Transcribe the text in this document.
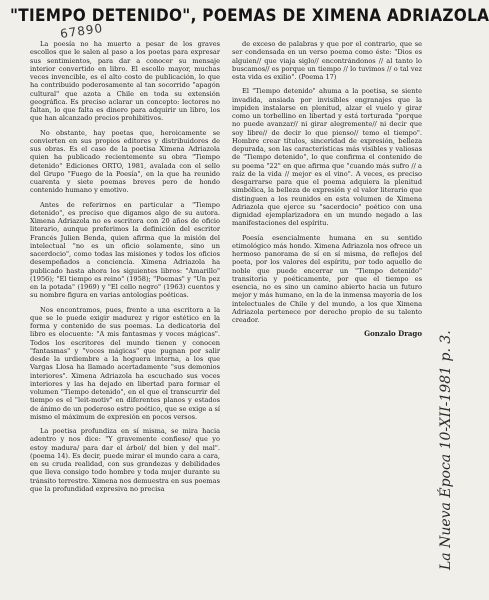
"TIEMPO DETENIDO", POEMAS DE XIMENA ADRIAZOLA
67890

La poesía no ha muerto a pesar de los graves escollos que le salen al paso a los poetas para expresar sus sentimientos, para dar a conocer su mensaje interior convertido en libro. El escollo mayor, muchas veces invencible, es el alto costo de publicación, lo que ha contribuido poderosamente al tan socorrido "apagón cultural" que azota a Chile en toda su extensión geográfica. Es preciso aclarar un concepto: lectores no faltan, lo que falta es dinero para adquirir un libro, los que han alcanzado precios prohibitivos.

No obstante, hay poetas que, heroicamente se convierten en sus propios editores y distribuidores de sus obras. Es el caso de la poetisa Ximena Adriazola quien ha publicado recientemente su obra "Tiempo detenido" Ediciones ORTO, 1981, avalada con el sello del Grupo "Fuego de la Poesía", en la que ha reunido cuarenta y siete poemas breves pero de hondo contenido humano y emotivo.

Antes de referirnos en particular a "Tiempo detenido", es preciso que digamos algo de su autora. Ximena Adriazola no es escritora con 20 años de oficio literario, aunque preferimos la definición del escritor Francés Julien Benda, quien afirma que la misión del intelectual "no es un oficio solamente, sino un sacerdocio", como todas las misiones y todos los oficios desempeñados a conciencia. Ximena Adriazola ha publicado hasta ahora los siguientes libros: "Amarillo" (1956); "El tiempo es reino" (1958); "Poemas" y "Un pez en la potada" (1969) y "El cello negro" (1963) cuentos y su nombre figura en varias antologías poéticas.

Nos encontramos, pues, frente a una escritora a la que se le puede exigir madurez y rigor estético en la forma y contenido de sus poemas. La dedicatoria del libro es elocuente: "A mis fantasmas y voces mágicas". Todos los escritores del mundo tienen y conocen "fantasmas" y "voces mágicas" que pugnan por salir desde la urdiembre a la hoguera interna, a los que Vargas Llosa ha llamado acertadamente "sus demonios interiores". Ximena Adriazola ha escuchado sus voces interiores y las ha dejado en libertad para formar el volumen "Tiempo detenido", en el que el transcurrir del tiempo es el "leit-motiv" en diferentes planos y estados de ánimo de un poderoso estro poético, que se exige a sí mismo el máximum de expresión en pocos versos.

La poetisa profundiza en sí misma, se mira hacia adentro y nos dice: "Y gravemente confieso/ que yo estoy madura/ para dar el árbol/ del bien y del mal". (poema 14). Es decir, puede mirar el mundo cara a cara, en su cruda realidad, con sus grandezas y debilidades que lleva consigo todo hombre y toda mujer durante su tránsito terrestre. Ximena nos demuestra en sus poemas que la profundidad expresiva no precisa

de exceso de palabras y que por el contrario, que se ser condensada en un verso poema como éste: "Dios es alguien// que viaja siglo// encontrándonos // al tanto lo buscamos// es porque un tiempo // lo tuvimos // o tal vez esta vida es exilio". (Poema 17)

El "Tiempo detenido" ahuma a la poetisa, se siente invadida, ansiada por invisibles engranajes que la impiden instalarse en plenitud, alzar el vuelo y girar como un torbellino en libertad y está torturada "porque no puede avanzar// ni girar alegremente// ni decir que soy libre// de decir lo que pienso// temo el tiempo". Hombre crear títulos, sinceridad de expresión, belleza depurada, son las características más visibles y valiosas de "Tiempo detenido", lo que confirma el contenido de su poema "22" en que afirma que "cuando más sufro // a raíz de la vida // mejor es el vino". A veces, es preciso desgarrarse para que el poema adquiera la plenitud simbólica, la belleza de expresión y el valor literario que distinguen a los reunidos en esta volumen de Ximena Adriazola que ejerce su "sacerdocio" poético con una dignidad ejemplarizadora en un mundo negado a las manifestaciones del espíritu.

Poesía esencialmente humana en su sentido etimológico más hondo. Ximena Adriazola nos ofrece un hermoso panorama de sí en sí misma, de reflejos del poeta, por los valores del espíritu, por todo aquello de noble que puede encerrar un "Tiempo detenido" transitoria y poéticamente, por que el tiempo es esencia, no es sino un camino abierto hacia un futuro mejor y más humano, en la de la inmensa mayoría de los intelectuales de Chile y del mundo, a los que Ximena Adriazola pertenece por derecho propio de su talento creador.

Gonzalo Drago La Nueva Época 10-XII-1981 p. 3.
